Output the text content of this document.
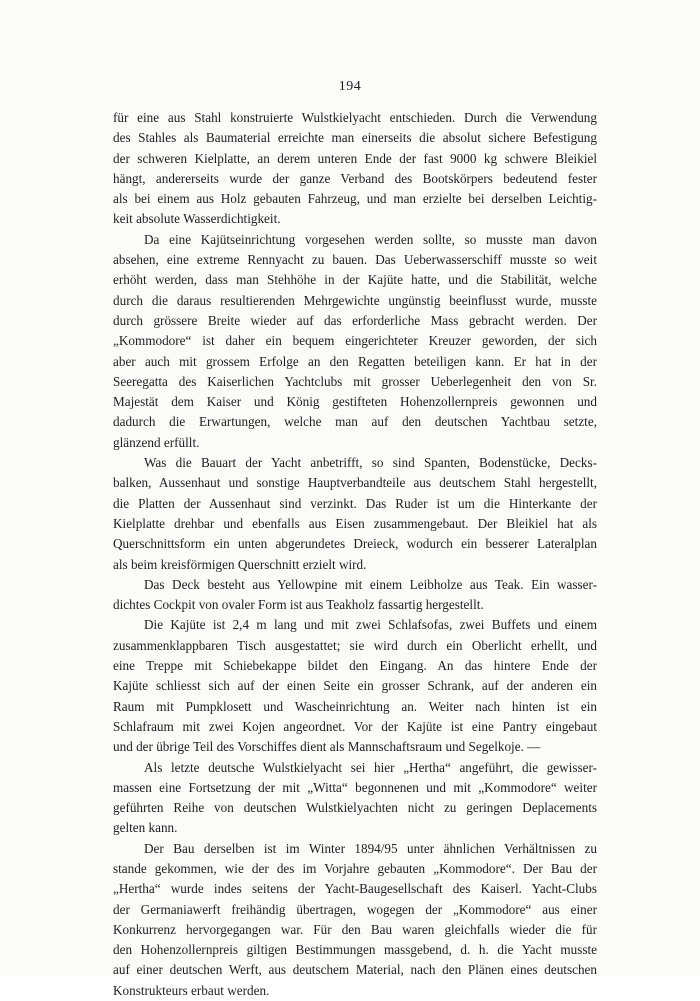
194
für eine aus Stahl konstruierte Wulstkielyacht entschieden. Durch die Verwendung
des Stahles als Baumaterial erreichte man einerseits die absolut sichere Befestigung
der schweren Kielplatte, an derem unteren Ende der fast 9000 kg schwere Bleikiel
hängt, andererseits wurde der ganze Verband des Bootskörpers bedeutend fester
als bei einem aus Holz gebauten Fahrzeug, und man erzielte bei derselben Leichtig-
keit absolute Wasserdichtigkeit.
Da eine Kajütseinrichtung vorgesehen werden sollte, so musste man davon
absehen, eine extreme Rennyacht zu bauen. Das Ueberwasserschiff musste so weit
erhöht werden, dass man Stehhöhe in der Kajüte hatte, und die Stabilität, welche
durch die daraus resultierenden Mehrgewichte ungünstig beeinflusst wurde, musste
durch grössere Breite wieder auf das erforderliche Mass gebracht werden. Der
„Kommodore“ ist daher ein bequem eingerichteter Kreuzer geworden, der sich
aber auch mit grossem Erfolge an den Regatten beteiligen kann. Er hat in der
Seeregatta des Kaiserlichen Yachtclubs mit grosser Ueberlegenheit den von Sr.
Majestät dem Kaiser und König gestifteten Hohenzollernpreis gewonnen und
dadurch die Erwartungen, welche man auf den deutschen Yachtbau setzte,
glänzend erfüllt.
Was die Bauart der Yacht anbetrifft, so sind Spanten, Bodenstücke, Decks-
balken, Aussenhaut und sonstige Hauptverbandteile aus deutschem Stahl hergestellt,
die Platten der Aussenhaut sind verzinkt. Das Ruder ist um die Hinterkante der
Kielplatte drehbar und ebenfalls aus Eisen zusammengebaut. Der Bleikiel hat als
Querschnittsform ein unten abgerundetes Dreieck, wodurch ein besserer Lateralplan
als beim kreisförmigen Querschnitt erzielt wird.
Das Deck besteht aus Yellowpine mit einem Leibholze aus Teak. Ein wasser-
dichtes Cockpit von ovaler Form ist aus Teakholz fassartig hergestellt.
Die Kajüte ist 2,4 m lang und mit zwei Schlafsofas, zwei Buffets und einem
zusammenklappbaren Tisch ausgestattet; sie wird durch ein Oberlicht erhellt, und
eine Treppe mit Schiebekappe bildet den Eingang. An das hintere Ende der
Kajüte schliesst sich auf der einen Seite ein grosser Schrank, auf der anderen ein
Raum mit Pumpklosett und Wascheinrichtung an. Weiter nach hinten ist ein
Schlafraum mit zwei Kojen angeordnet. Vor der Kajüte ist eine Pantry eingebaut
und der übrige Teil des Vorschiffes dient als Mannschaftsraum und Segelkoje. —
Als letzte deutsche Wulstkielyacht sei hier „Hertha“ angeführt, die gewisser-
massen eine Fortsetzung der mit „Witta“ begonnenen und mit „Kommodore“ weiter
geführten Reihe von deutschen Wulstkielyachten nicht zu geringen Deplacements
gelten kann.
Der Bau derselben ist im Winter 1894/95 unter ähnlichen Verhältnissen zu
stande gekommen, wie der des im Vorjahre gebauten „Kommodore“. Der Bau der
„Hertha“ wurde indes seitens der Yacht-Baugesellschaft des Kaiserl. Yacht-Clubs
der Germaniawerft freihändig übertragen, wogegen der „Kommodore“ aus einer
Konkurrenz hervorgegangen war. Für den Bau waren gleichfalls wieder die für
den Hohenzollernpreis giltigen Bestimmungen massgebend, d. h. die Yacht musste
auf einer deutschen Werft, aus deutschem Material, nach den Plänen eines deutschen
Konstrukteurs erbaut werden.
